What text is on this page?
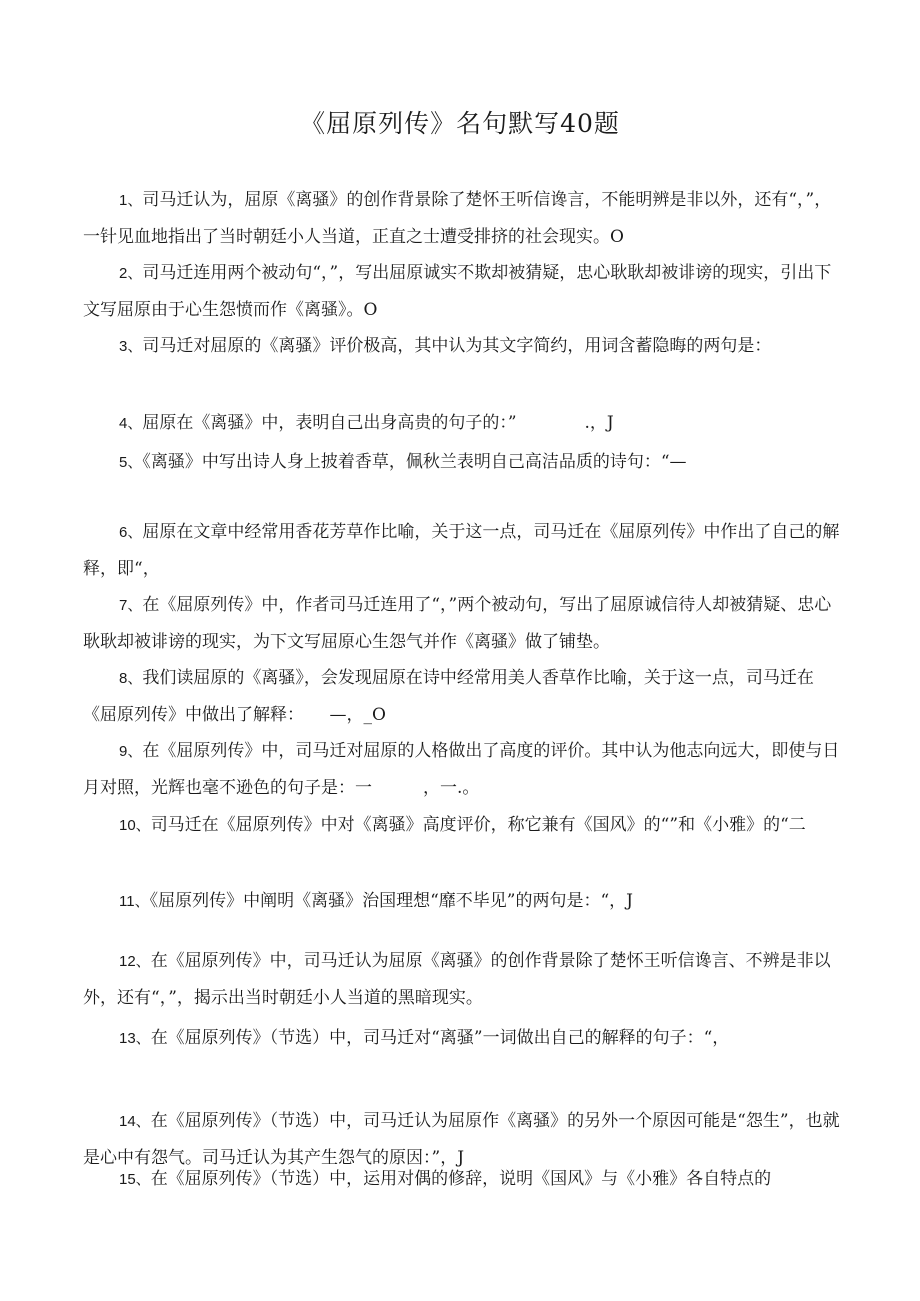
《屈原列传》名句默写40题
1、司马迁认为，屈原《离骚》的创作背景除了楚怀王听信谗言，不能明辨是非以外，还有“，”，一针见血地指出了当时朝廷小人当道，正直之士遭受排挤的社会现实。O
2、司马迁连用两个被动句“，”，写出屈原诚实不欺却被猜疑，忠心耿耿却被诽谤的现实，引出下文写屈原由于心生怨愤而作《离骚》。O
3、司马迁对屈原的《离骚》评价极高，其中认为其文字简约，用词含蓄隐晦的两句是：
4、屈原在《离骚》中，表明自己出身高贵的句子的：”　　　　.，J
5、《离骚》中写出诗人身上披着香草，佩秋兰表明自己高洁品质的诗句：“—
6、屈原在文章中经常用香花芳草作比喻，关于这一点，司马迁在《屈原列传》中作出了自己的解释，即“，
7、在《屈原列传》中，作者司马迁连用了“，”两个被动句，写出了屈原诚信待人却被猜疑、忠心耿耿却被诽谤的现实，为下文写屈原心生怨气并作《离骚》做了铺垫。
8、我们读屈原的《离骚》，会发现屈原在诗中经常用美人香草作比喻，关于这一点，司马迁在《屈原列传》中做出了解释：　　—，_O
9、在《屈原列传》中，司马迁对屈原的人格做出了高度的评价。其中认为他志向远大，即使与日月对照，光辉也毫不逊色的句子是：一　　　，一.。
10、司马迁在《屈原列传》中对《离骚》高度评价，称它兼有《国风》的“”和《小雅》的“二
11、《屈原列传》中阐明《离骚》治国理想“靡不毕见”的两句是：“，J
12、在《屈原列传》中，司马迁认为屈原《离骚》的创作背景除了楚怀王听信谗言、不辨是非以外，还有“，”，揭示出当时朝廷小人当道的黑暗现实。
13、在《屈原列传》（节选）中，司马迁对“离骚”一词做出自己的解释的句子：“，
14、在《屈原列传》（节选）中，司马迁认为屈原作《离骚》的另外一个原因可能是“怨生”，也就是心中有怨气。司马迁认为其产生怨气的原因：”，J
15、在《屈原列传》（节选）中，运用对偶的修辞，说明《国风》与《小雅》各自特点的
